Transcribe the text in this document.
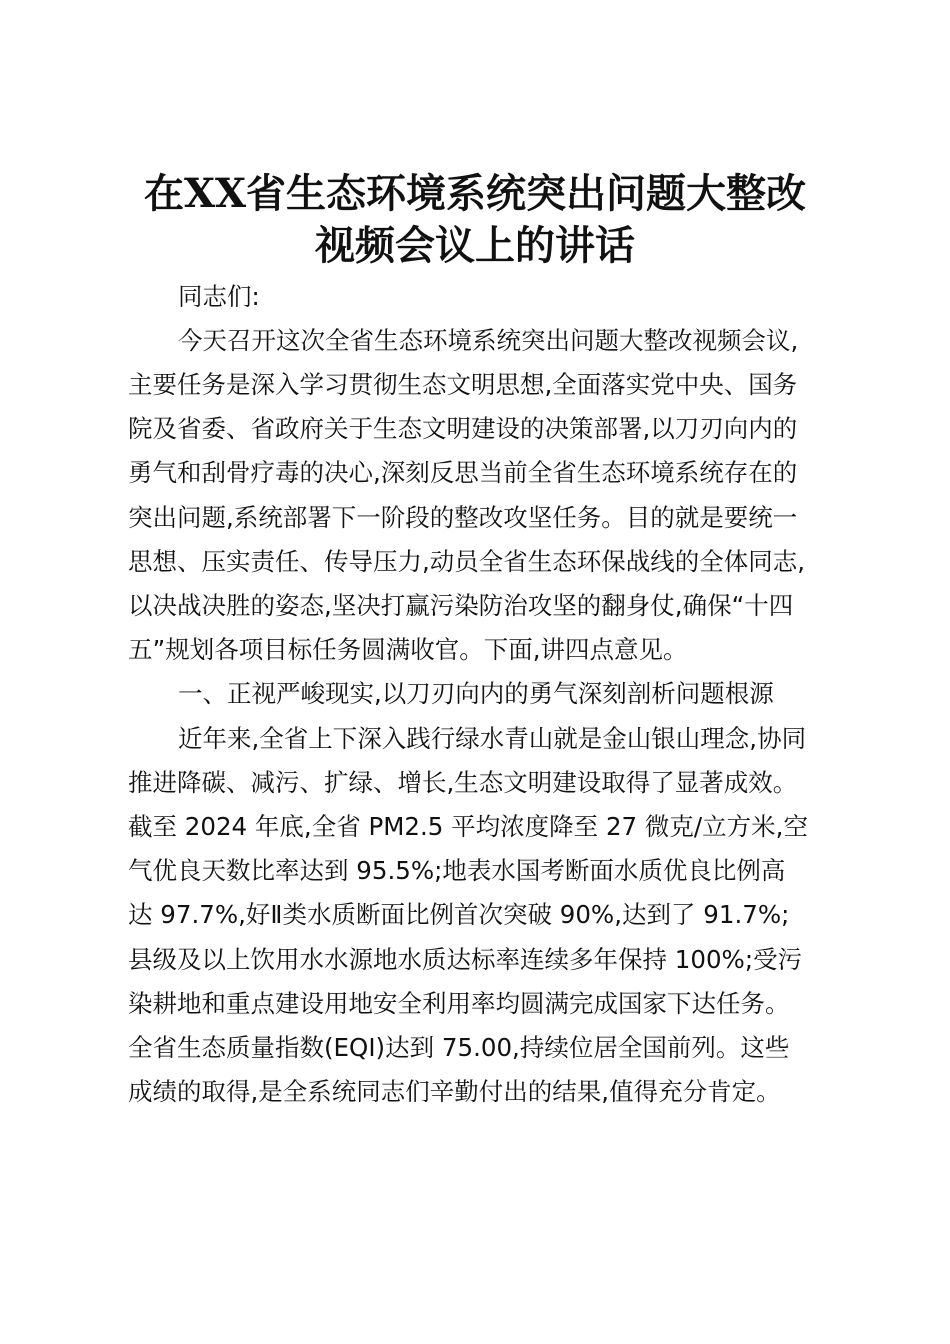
在XX省生态环境系统突出问题大整改
视频会议上的讲话
同志们:
今天召开这次全省生态环境系统突出问题大整改视频会议,
主要任务是深入学习贯彻生态文明思想,全面落实党中央、国务
院及省委、省政府关于生态文明建设的决策部署,以刀刃向内的
勇气和刮骨疗毒的决心,深刻反思当前全省生态环境系统存在的
突出问题,系统部署下一阶段的整改攻坚任务。目的就是要统一
思想、压实责任、传导压力,动员全省生态环保战线的全体同志,
以决战决胜的姿态,坚决打赢污染防治攻坚的翻身仗,确保“十四
五”规划各项目标任务圆满收官。下面,讲四点意见。
一、正视严峻现实,以刀刃向内的勇气深刻剖析问题根源
近年来,全省上下深入践行绿水青山就是金山银山理念,协同
推进降碳、减污、扩绿、增长,生态文明建设取得了显著成效。
截至 2024 年底,全省 PM2.5 平均浓度降至 27 微克/立方米,空
气优良天数比率达到 95.5%;地表水国考断面水质优良比例高
达 97.7%,好Ⅱ类水质断面比例首次突破 90%,达到了 91.7%;
县级及以上饮用水水源地水质达标率连续多年保持 100%;受污
染耕地和重点建设用地安全利用率均圆满完成国家下达任务。
全省生态质量指数(EQI)达到 75.00,持续位居全国前列。这些
成绩的取得,是全系统同志们辛勤付出的结果,值得充分肯定。
